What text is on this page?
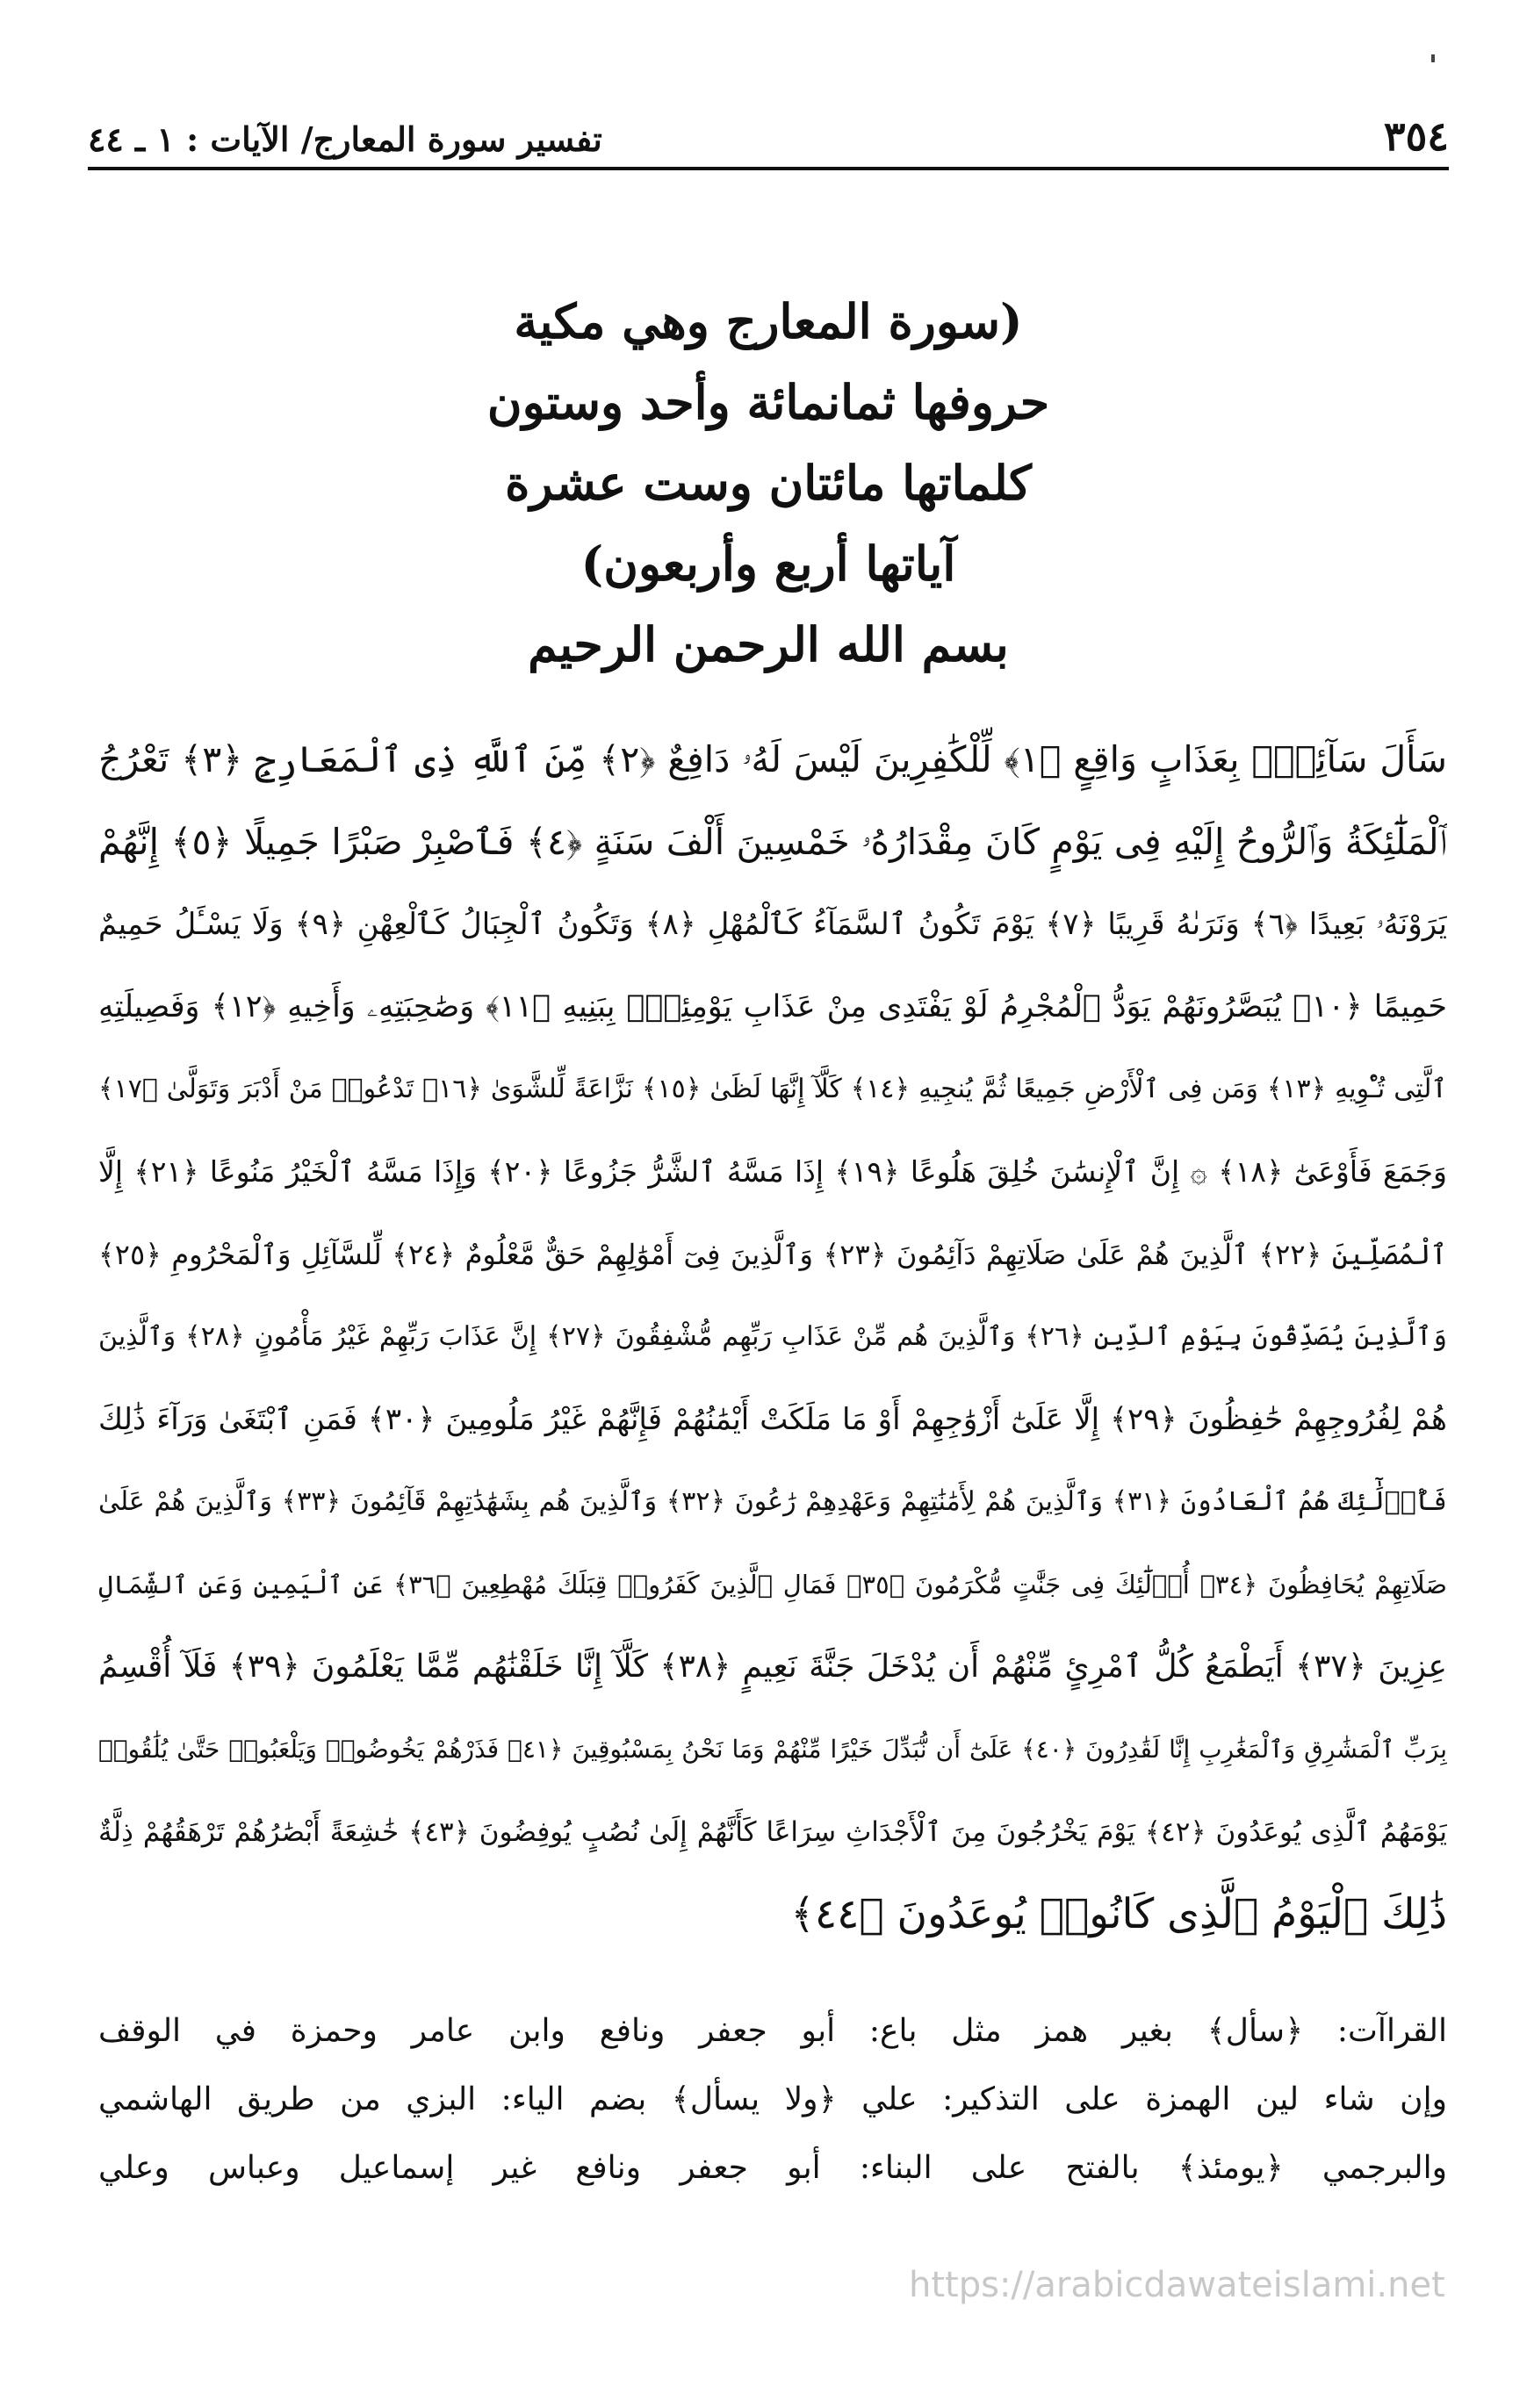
٣٥٤
تفسير سورة المعارج/ الآيات : ١ ـ ٤٤
(سورة المعارج وهي مكية
حروفها ثمانمائة وأحد وستون
كلماتها مائتان وست عشرة
آياتها أربع وأربعون)
بسم الله الرحمن الرحيم
سَأَلَ سَآئِلُۢ بِعَذَابٍ وَاقِعٍ ﴿١﴾ لِّلْكَٰفِرِينَ لَيْسَ لَهُۥ دَافِعٌ ﴿٢﴾ مِّنَ ٱللَّهِ ذِى ٱلْمَعَارِجِ ﴿٣﴾ تَعْرُجُ
ٱلْمَلَٰٓئِكَةُ وَٱلرُّوحُ إِلَيْهِ فِى يَوْمٍ كَانَ مِقْدَارُهُۥ خَمْسِينَ أَلْفَ سَنَةٍ ﴿٤﴾ فَٱصْبِرْ صَبْرًا جَمِيلًا ﴿٥﴾ إِنَّهُمْ
يَرَوْنَهُۥ بَعِيدًا ﴿٦﴾ وَنَرَىٰهُ قَرِيبًا ﴿٧﴾ يَوْمَ تَكُونُ ٱلسَّمَآءُ كَٱلْمُهْلِ ﴿٨﴾ وَتَكُونُ ٱلْجِبَالُ كَٱلْعِهْنِ ﴿٩﴾ وَلَا يَسْـَٔلُ حَمِيمٌ
حَمِيمًا ﴿١٠﴾ يُبَصَّرُونَهُمْ يَوَدُّ ٱلْمُجْرِمُ لَوْ يَفْتَدِى مِنْ عَذَابِ يَوْمِئِذٍۭ بِبَنِيهِ ﴿١١﴾ وَصَٰحِبَتِهِۦ وَأَخِيهِ ﴿١٢﴾ وَفَصِيلَتِهِ
ٱلَّتِى تُـْٔوِيهِ ﴿١٣﴾ وَمَن فِى ٱلْأَرْضِ جَمِيعًا ثُمَّ يُنجِيهِ ﴿١٤﴾ كَلَّآ إِنَّهَا لَظَىٰ ﴿١٥﴾ نَزَّاعَةً لِّلشَّوَىٰ ﴿١٦﴾ تَدْعُوا۟ مَنْ أَدْبَرَ وَتَوَلَّىٰ ﴿١٧﴾
وَجَمَعَ فَأَوْعَىٰٓ ﴿١٨﴾ ۞ إِنَّ ٱلْإِنسَٰنَ خُلِقَ هَلُوعًا ﴿١٩﴾ إِذَا مَسَّهُ ٱلشَّرُّ جَزُوعًا ﴿٢٠﴾ وَإِذَا مَسَّهُ ٱلْخَيْرُ مَنُوعًا ﴿٢١﴾ إِلَّا
ٱلْمُصَلِّينَ ﴿٢٢﴾ ٱلَّذِينَ هُمْ عَلَىٰ صَلَاتِهِمْ دَآئِمُونَ ﴿٢٣﴾ وَٱلَّذِينَ فِىٓ أَمْوَٰلِهِمْ حَقٌّ مَّعْلُومٌ ﴿٢٤﴾ لِّلسَّآئِلِ وَٱلْمَحْرُومِ ﴿٢٥﴾
وَٱلَّذِينَ يُصَدِّقُونَ بِيَوْمِ ٱلدِّينِ ﴿٢٦﴾ وَٱلَّذِينَ هُم مِّنْ عَذَابِ رَبِّهِم مُّشْفِقُونَ ﴿٢٧﴾ إِنَّ عَذَابَ رَبِّهِمْ غَيْرُ مَأْمُونٍ ﴿٢٨﴾ وَٱلَّذِينَ
هُمْ لِفُرُوجِهِمْ حَٰفِظُونَ ﴿٢٩﴾ إِلَّا عَلَىٰٓ أَزْوَٰجِهِمْ أَوْ مَا مَلَكَتْ أَيْمَٰنُهُمْ فَإِنَّهُمْ غَيْرُ مَلُومِينَ ﴿٣٠﴾ فَمَنِ ٱبْتَغَىٰ وَرَآءَ ذَٰلِكَ
فَأُو۟لَٰٓئِكَ هُمُ ٱلْعَادُونَ ﴿٣١﴾ وَٱلَّذِينَ هُمْ لِأَمَٰنَٰتِهِمْ وَعَهْدِهِمْ رَٰعُونَ ﴿٣٢﴾ وَٱلَّذِينَ هُم بِشَهَٰدَٰتِهِمْ قَآئِمُونَ ﴿٣٣﴾ وَٱلَّذِينَ هُمْ عَلَىٰ
صَلَاتِهِمْ يُحَافِظُونَ ﴿٣٤﴾ أُو۟لَٰٓئِكَ فِى جَنَّٰتٍ مُّكْرَمُونَ ﴿٣٥﴾ فَمَالِ ٱلَّذِينَ كَفَرُوا۟ قِبَلَكَ مُهْطِعِينَ ﴿٣٦﴾ عَنِ ٱلْيَمِينِ وَعَنِ ٱلشِّمَالِ
عِزِينَ ﴿٣٧﴾ أَيَطْمَعُ كُلُّ ٱمْرِئٍ مِّنْهُمْ أَن يُدْخَلَ جَنَّةَ نَعِيمٍ ﴿٣٨﴾ كَلَّآ إِنَّا خَلَقْنَٰهُم مِّمَّا يَعْلَمُونَ ﴿٣٩﴾ فَلَآ أُقْسِمُ
بِرَبِّ ٱلْمَشَٰرِقِ وَٱلْمَغَٰرِبِ إِنَّا لَقَٰدِرُونَ ﴿٤٠﴾ عَلَىٰٓ أَن نُّبَدِّلَ خَيْرًا مِّنْهُمْ وَمَا نَحْنُ بِمَسْبُوقِينَ ﴿٤١﴾ فَذَرْهُمْ يَخُوضُوا۟ وَيَلْعَبُوا۟ حَتَّىٰ يُلَٰقُوا۟
يَوْمَهُمُ ٱلَّذِى يُوعَدُونَ ﴿٤٢﴾ يَوْمَ يَخْرُجُونَ مِنَ ٱلْأَجْدَاثِ سِرَاعًا كَأَنَّهُمْ إِلَىٰ نُصُبٍ يُوفِضُونَ ﴿٤٣﴾ خَٰشِعَةً أَبْصَٰرُهُمْ تَرْهَقُهُمْ ذِلَّةٌ
ذَٰلِكَ ٱلْيَوْمُ ٱلَّذِى كَانُوا۟ يُوعَدُونَ ﴿٤٤﴾
القراآت: ﴿سأل﴾ بغير همز مثل باع: أبو جعفر ونافع وابن عامر وحمزة في الوقف
وإن شاء لين الهمزة على التذكير: علي ﴿ولا يسأل﴾ بضم الياء: البزي من طريق الهاشمي
والبرجمي ﴿يومئذ﴾ بالفتح على البناء: أبو جعفر ونافع غير إسماعيل وعباس وعلي
https://arabicdawateislami.net
